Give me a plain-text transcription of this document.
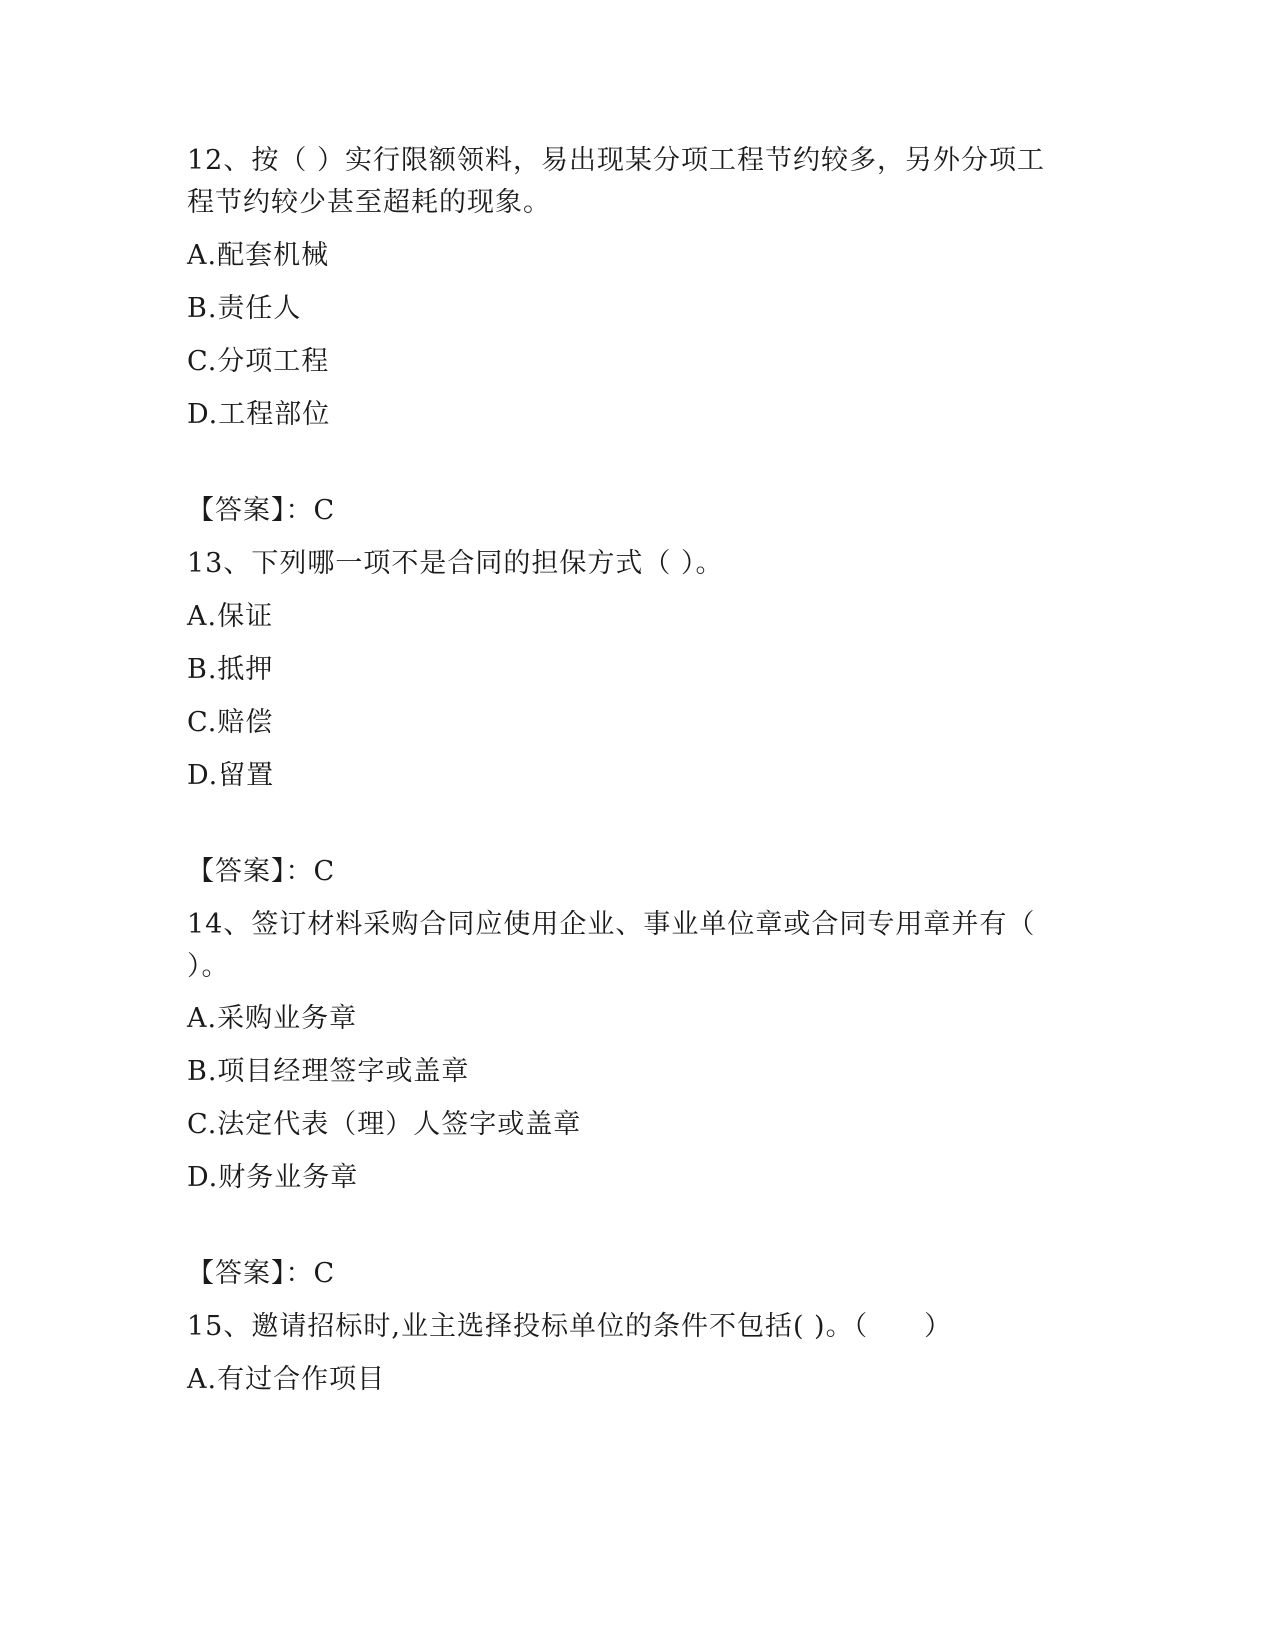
12、按（ ）实行限额领料，易出现某分项工程节约较多，另外分项工
程节约较少甚至超耗的现象。
A.配套机械
B.责任人
C.分项工程
D.工程部位
【答案】：C
13、下列哪一项不是合同的担保方式（ ）。
A.保证
B.抵押
C.赔偿
D.留置
【答案】：C
14、签订材料采购合同应使用企业、事业单位章或合同专用章并有（
）。
A.采购业务章
B.项目经理签字或盖章
C.法定代表（理）人签字或盖章
D.财务业务章
【答案】：C
15、邀请招标时,业主选择投标单位的条件不包括( )。（　　）
A.有过合作项目
